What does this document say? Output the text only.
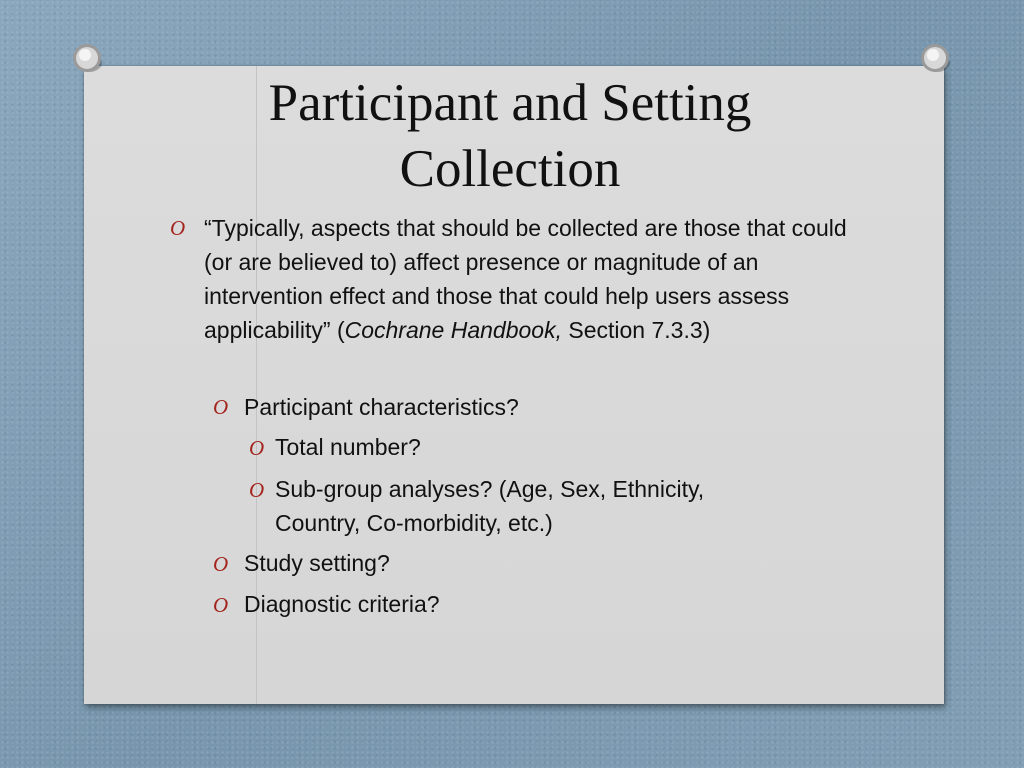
Participant and Setting
Collection
O “Typically, aspects that should be collected are those that could (or are believed to) affect presence or magnitude of an intervention effect and those that could help users assess applicability” (Cochrane Handbook, Section 7.3.3)
O Participant characteristics?
O Total number?
O Sub-group analyses? (Age, Sex, Ethnicity, Country, Co-morbidity, etc.)
O Study setting?
O Diagnostic criteria?
